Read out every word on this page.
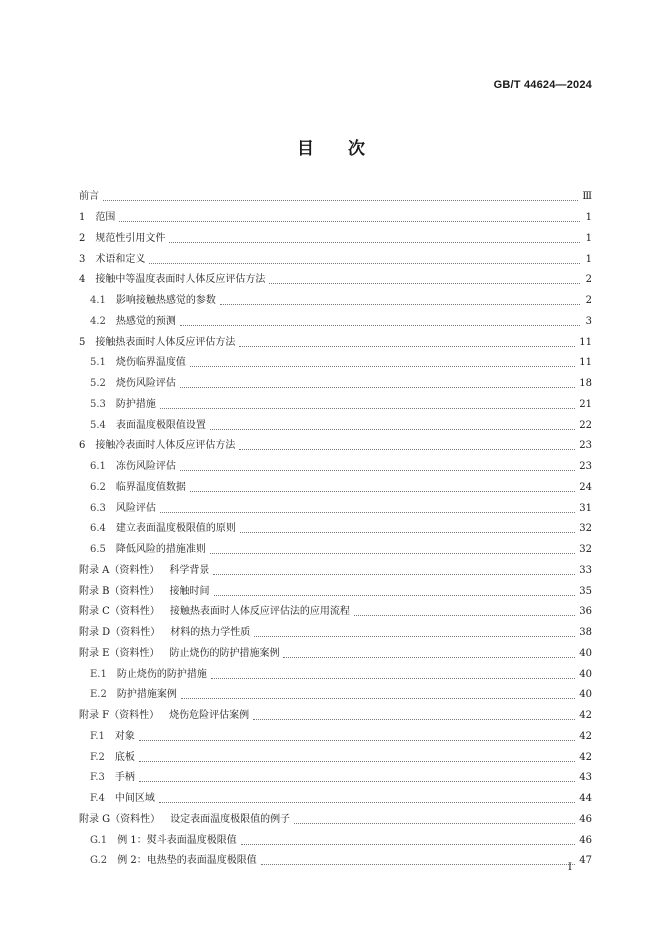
GB/T 44624—2024
目　　次
前言	Ⅲ
1 范围	1
2 规范性引用文件	1
3 术语和定义	1
4 接触中等温度表面时人体反应评估方法	2
4.1 影响接触热感觉的参数	2
4.2 热感觉的预测	3
5 接触热表面时人体反应评估方法	11
5.1 烧伤临界温度值	11
5.2 烧伤风险评估	18
5.3 防护措施	21
5.4 表面温度极限值设置	22
6 接触冷表面时人体反应评估方法	23
6.1 冻伤风险评估	23
6.2 临界温度值数据	24
6.3 风险评估	31
6.4 建立表面温度极限值的原则	32
6.5 降低风险的措施准则	32
附录 A（资料性） 科学背景	33
附录 B（资料性） 接触时间	35
附录 C（资料性） 接触热表面时人体反应评估法的应用流程	36
附录 D（资料性） 材料的热力学性质	38
附录 E（资料性） 防止烧伤的防护措施案例	40
E.1 防止烧伤的防护措施	40
E.2 防护措施案例	40
附录 F（资料性） 烧伤危险评估案例	42
F.1 对象	42
F.2 底板	42
F.3 手柄	43
F.4 中间区域	44
附录 G（资料性） 设定表面温度极限值的例子	46
G.1 例 1：熨斗表面温度极限值	46
G.2 例 2：电热垫的表面温度极限值	47
I
